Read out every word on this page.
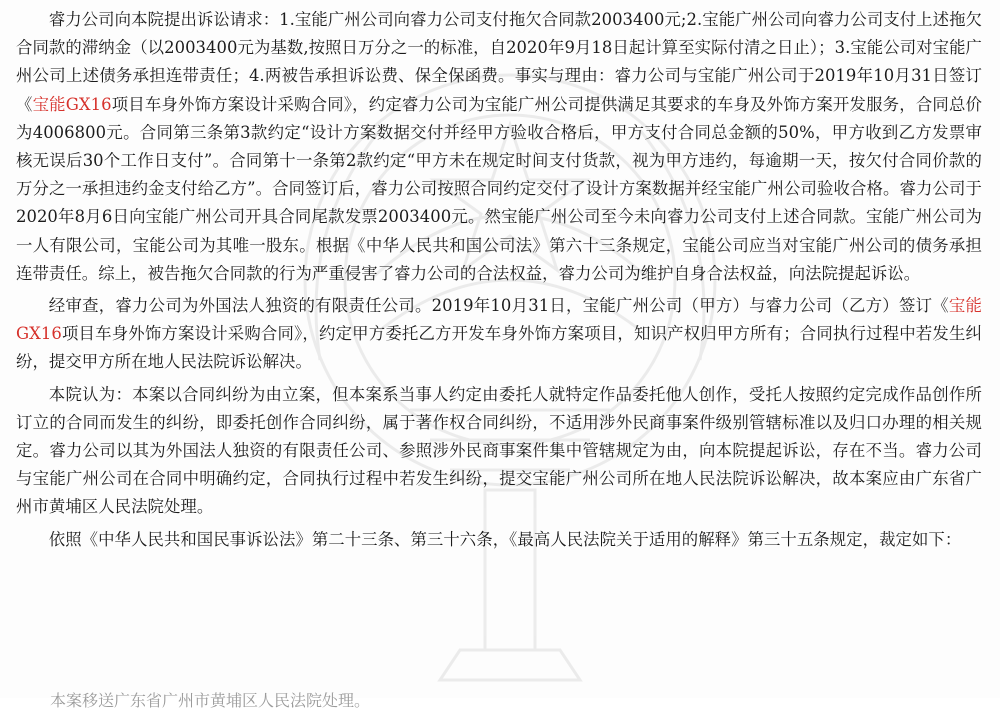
睿力公司向本院提出诉讼请求：1.宝能广州公司向睿力公司支付拖欠合同款2003400元;2.宝能广州公司向睿力公司支付上述拖欠合同款的滞纳金（以2003400元为基数,按照日万分之一的标准，自2020年9月18日起计算至实际付清之日止）；3.宝能公司对宝能广州公司上述债务承担连带责任；4.两被告承担诉讼费、保全保函费。事实与理由：睿力公司与宝能广州公司于2019年10月31日签订《宝能GX16项目车身外饰方案设计采购合同》，约定睿力公司为宝能广州公司提供满足其要求的车身及外饰方案开发服务，合同总价为4006800元。合同第三条第3款约定“设计方案数据交付并经甲方验收合格后，甲方支付合同总金额的50%，甲方收到乙方发票审核无误后30个工作日支付”。合同第十一条第2款约定“甲方未在规定时间支付货款，视为甲方违约，每逾期一天，按欠付合同价款的万分之一承担违约金支付给乙方”。合同签订后，睿力公司按照合同约定交付了设计方案数据并经宝能广州公司验收合格。睿力公司于2020年8月6日向宝能广州公司开具合同尾款发票2003400元。然宝能广州公司至今未向睿力公司支付上述合同款。宝能广州公司为一人有限公司，宝能公司为其唯一股东。根据《中华人民共和国公司法》第六十三条规定，宝能公司应当对宝能广州公司的债务承担连带责任。综上，被告拖欠合同款的行为严重侵害了睿力公司的合法权益，睿力公司为维护自身合法权益，向法院提起诉讼。

经审查，睿力公司为外国法人独资的有限责任公司。2019年10月31日，宝能广州公司（甲方）与睿力公司（乙方）签订《宝能GX16项目车身外饰方案设计采购合同》，约定甲方委托乙方开发车身外饰方案项目，知识产权归甲方所有；合同执行过程中若发生纠纷，提交甲方所在地人民法院诉讼解决。

本院认为：本案以合同纠纷为由立案，但本案系当事人约定由委托人就特定作品委托他人创作，受托人按照约定完成作品创作所订立的合同而发生的纠纷，即委托创作合同纠纷，属于著作权合同纠纷，不适用涉外民商事案件级别管辖标准以及归口办理的相关规定。睿力公司以其为外国法人独资的有限责任公司、参照涉外民商事案件集中管辖规定为由，向本院提起诉讼，存在不当。睿力公司与宝能广州公司在合同中明确约定，合同执行过程中若发生纠纷，提交宝能广州公司所在地人民法院诉讼解决，故本案应由广东省广州市黄埔区人民法院处理。

依照《中华人民共和国民事诉讼法》第二十三条、第三十六条，《最高人民法院关于适用的解释》第三十五条规定，裁定如下：

本案移送广东省广州市黄埔区人民法院处理。
